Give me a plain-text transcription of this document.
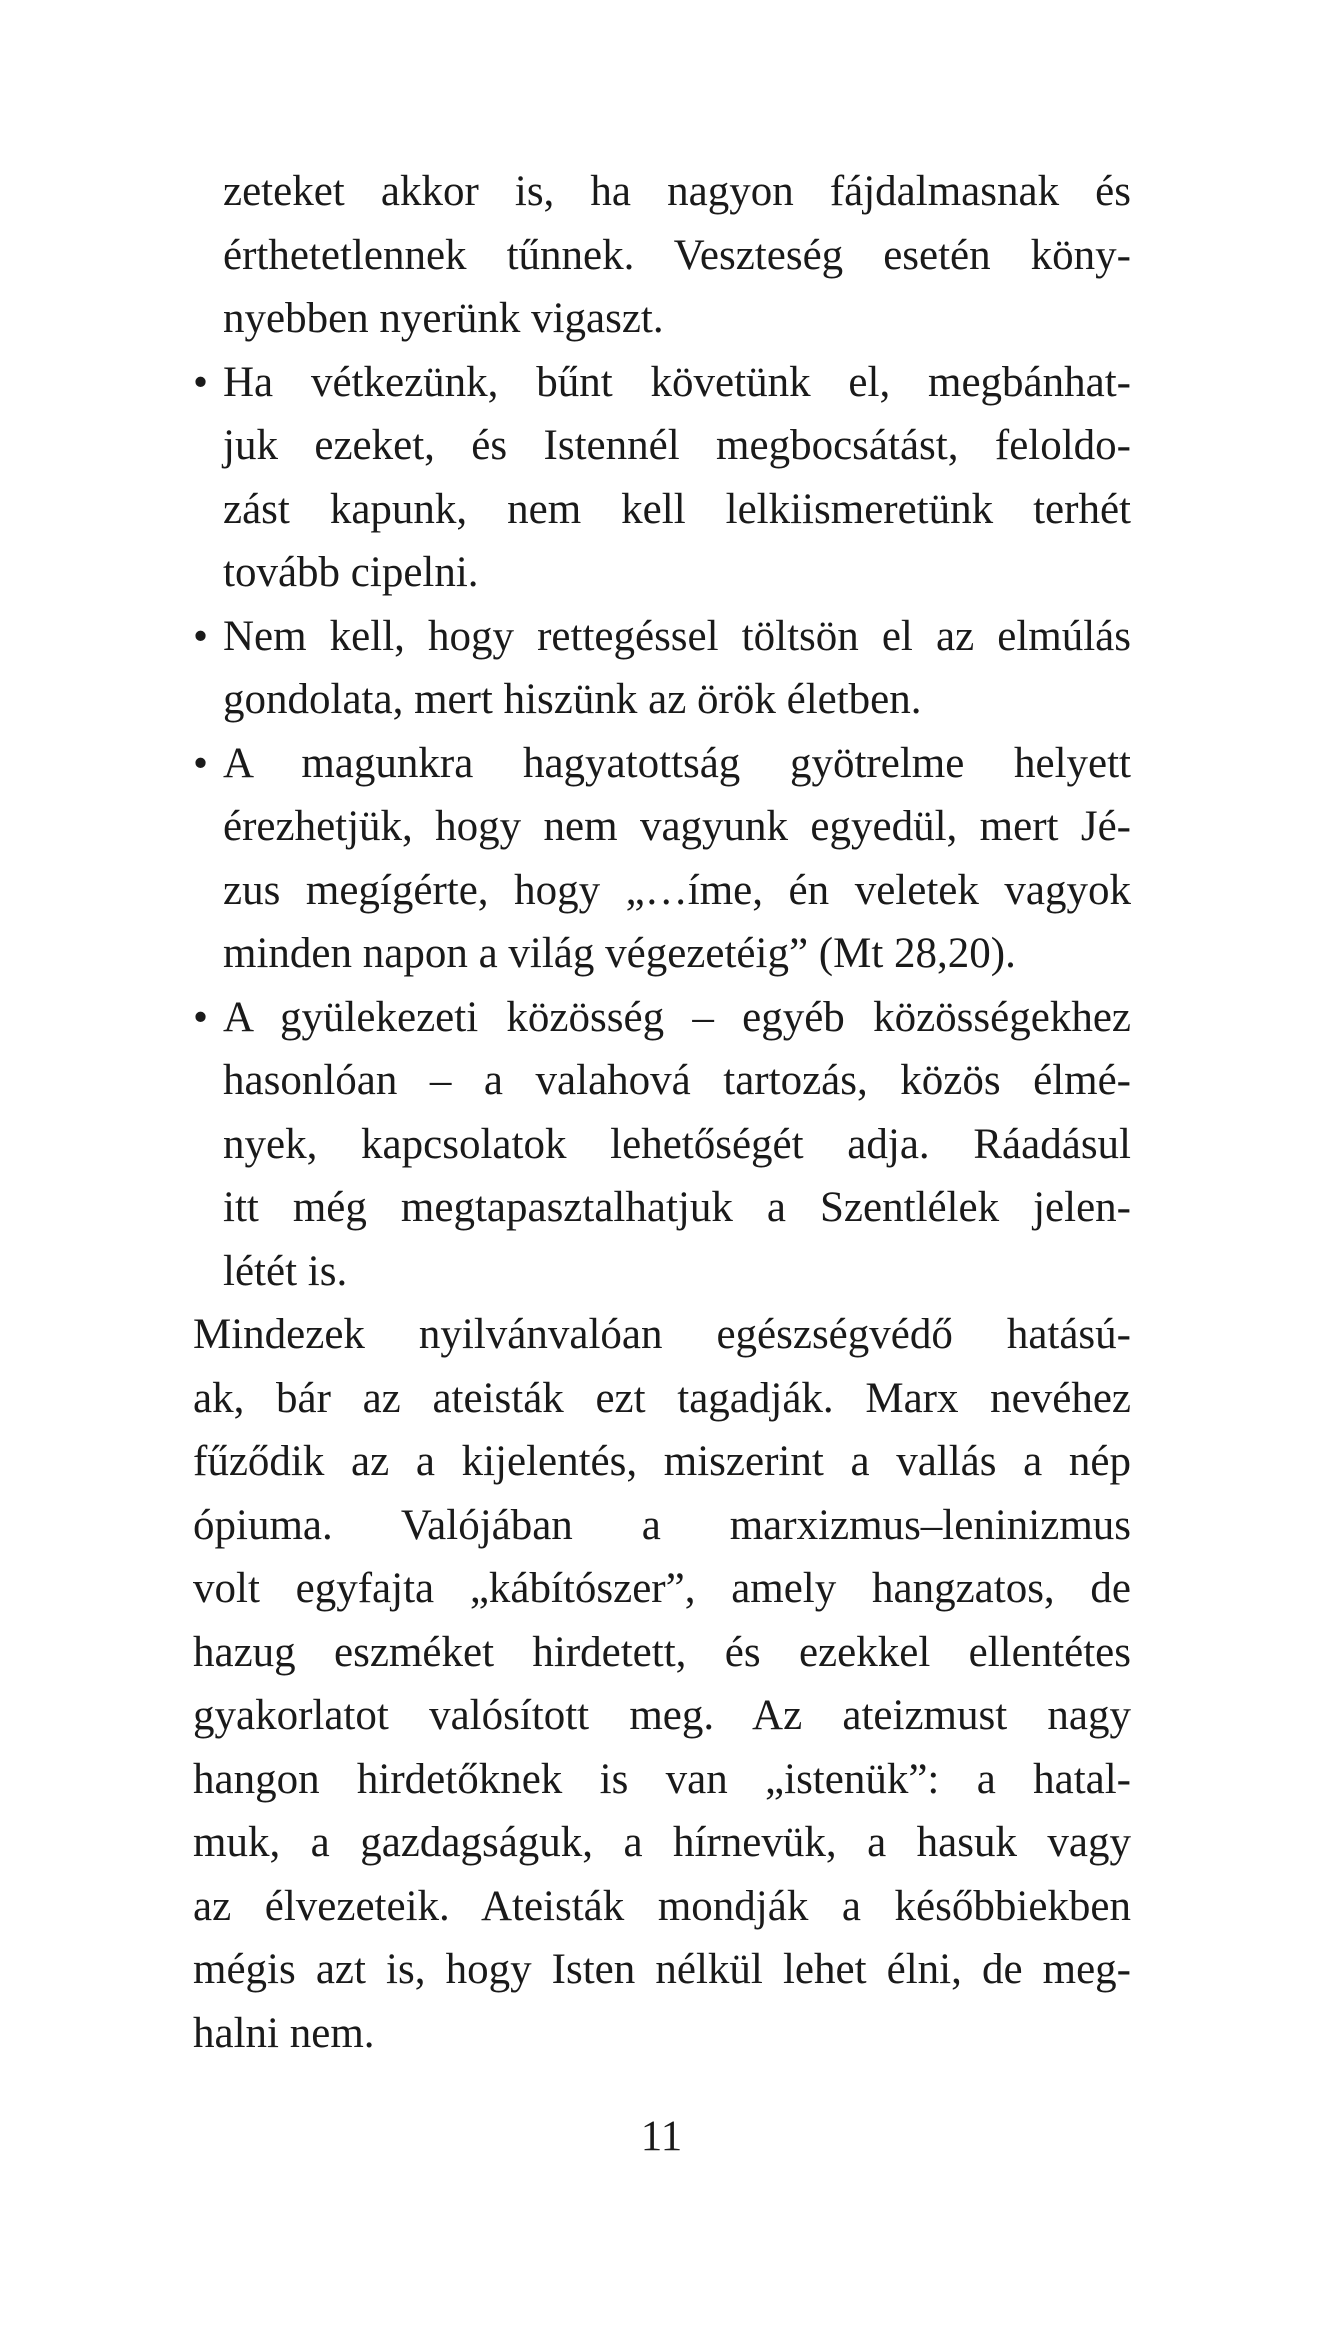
zeteket akkor is, ha nagyon fájdalmasnak és
érthetetlennek tűnnek. Veszteség esetén köny-
nyebben nyerünk vigaszt.
• Ha vétkezünk, bűnt követünk el, megbánhat-
juk ezeket, és Istennél megbocsátást, feloldo-
zást kapunk, nem kell lelkiismeretünk terhét
tovább cipelni.
• Nem kell, hogy rettegéssel töltsön el az elmúlás
gondolata, mert hiszünk az örök életben.
• A magunkra hagyatottság gyötrelme helyett
érezhetjük, hogy nem vagyunk egyedül, mert Jé-
zus megígérte, hogy „…íme, én veletek vagyok
minden napon a világ végezetéig” (Mt 28,20).
• A gyülekezeti közösség – egyéb közösségekhez
hasonlóan – a valahová tartozás, közös élmé-
nyek, kapcsolatok lehetőségét adja. Ráadásul
itt még megtapasztalhatjuk a Szentlélek jelen-
létét is.
Mindezek nyilvánvalóan egészségvédő hatású-
ak, bár az ateisták ezt tagadják. Marx nevéhez
fűződik az a kijelentés, miszerint a vallás a nép
ópiuma. Valójában a marxizmus–leninizmus
volt egyfajta „kábítószer”, amely hangzatos, de
hazug eszméket hirdetett, és ezekkel ellentétes
gyakorlatot valósított meg. Az ateizmust nagy
hangon hirdetőknek is van „istenük”: a hatal-
muk, a gazdagságuk, a hírnevük, a hasuk vagy
az élvezeteik. Ateisták mondják a későbbiekben
mégis azt is, hogy Isten nélkül lehet élni, de meg-
halni nem.
11
